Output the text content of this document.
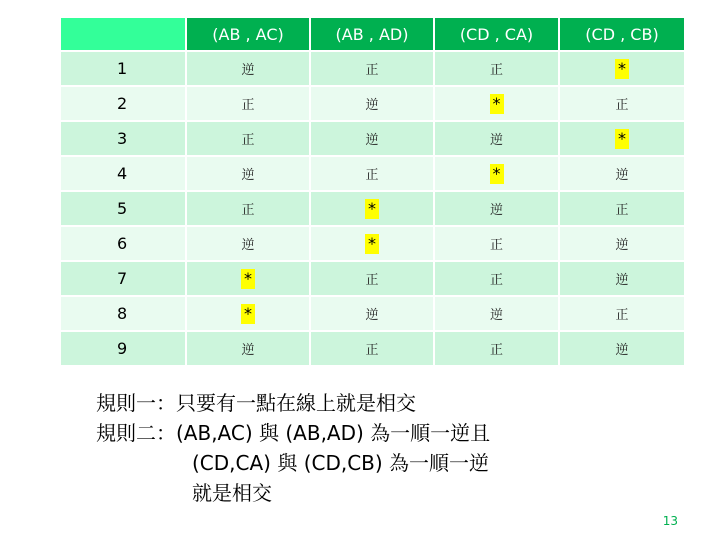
	(AB , AC)	(AB , AD)	(CD , CA)	(CD , CB)
1	逆	正	正	*
2	正	逆	*	正
3	正	逆	逆	*
4	逆	正	*	逆
5	正	*	逆	正
6	逆	*	正	逆
7	*	正	正	逆
8	*	逆	逆	正
9	逆	正	正	逆
規則一：只要有一點在線上就是相交
規則二：(AB,AC) 與 (AB,AD) 為一順一逆且
(CD,CA) 與 (CD,CB) 為一順一逆
就是相交
13
